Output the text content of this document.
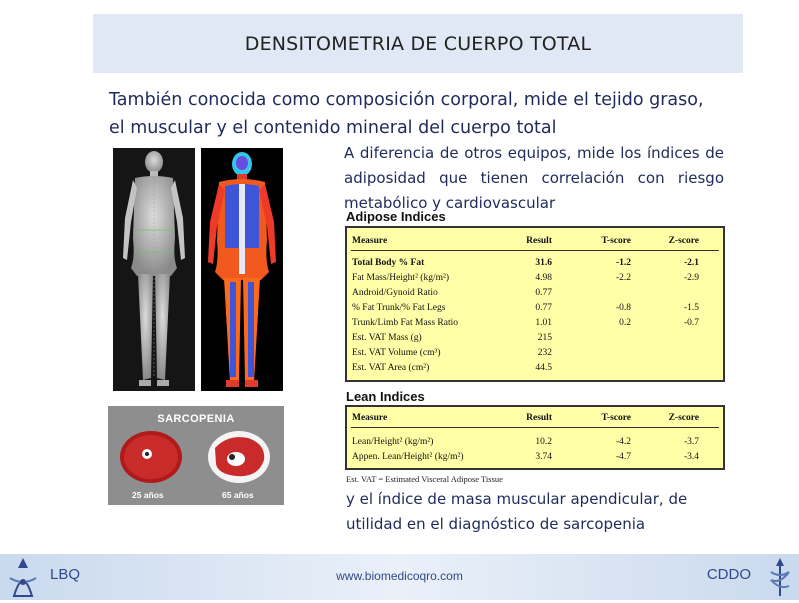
DENSITOMETRIA DE CUERPO TOTAL
También conocida como composición corporal, mide el tejido graso,
el muscular y el contenido mineral del cuerpo total
A diferencia de otros equipos, mide los índices de adiposidad que tienen correlación con riesgo metabólico y cardiovascular
Adipose Indices
Measure	Result	T-score	Z-score
Total Body % Fat	31.6	-1.2	-2.1
Fat Mass/Height² (kg/m²)	4.98	-2.2	-2.9
Android/Gynoid Ratio	0.77
% Fat Trunk/% Fat Legs	0.77	-0.8	-1.5
Trunk/Limb Fat Mass Ratio	1.01	0.2	-0.7
Est. VAT Mass (g)	215
Est. VAT Volume (cm³)	232
Est. VAT Area (cm²)	44.5
Lean Indices
Measure	Result	T-score	Z-score
Lean/Height² (kg/m²)	10.2	-4.2	-3.7
Appen. Lean/Height² (kg/m²)	3.74	-4.7	-3.4
Est. VAT = Estimated Visceral Adipose Tissue
SARCOPENIA
25 años	65 años	y el índice de masa muscular apendicular, de
utilidad en el diagnóstico de sarcopenia
LBQ	www.biomedicoqro.com	CDDO
